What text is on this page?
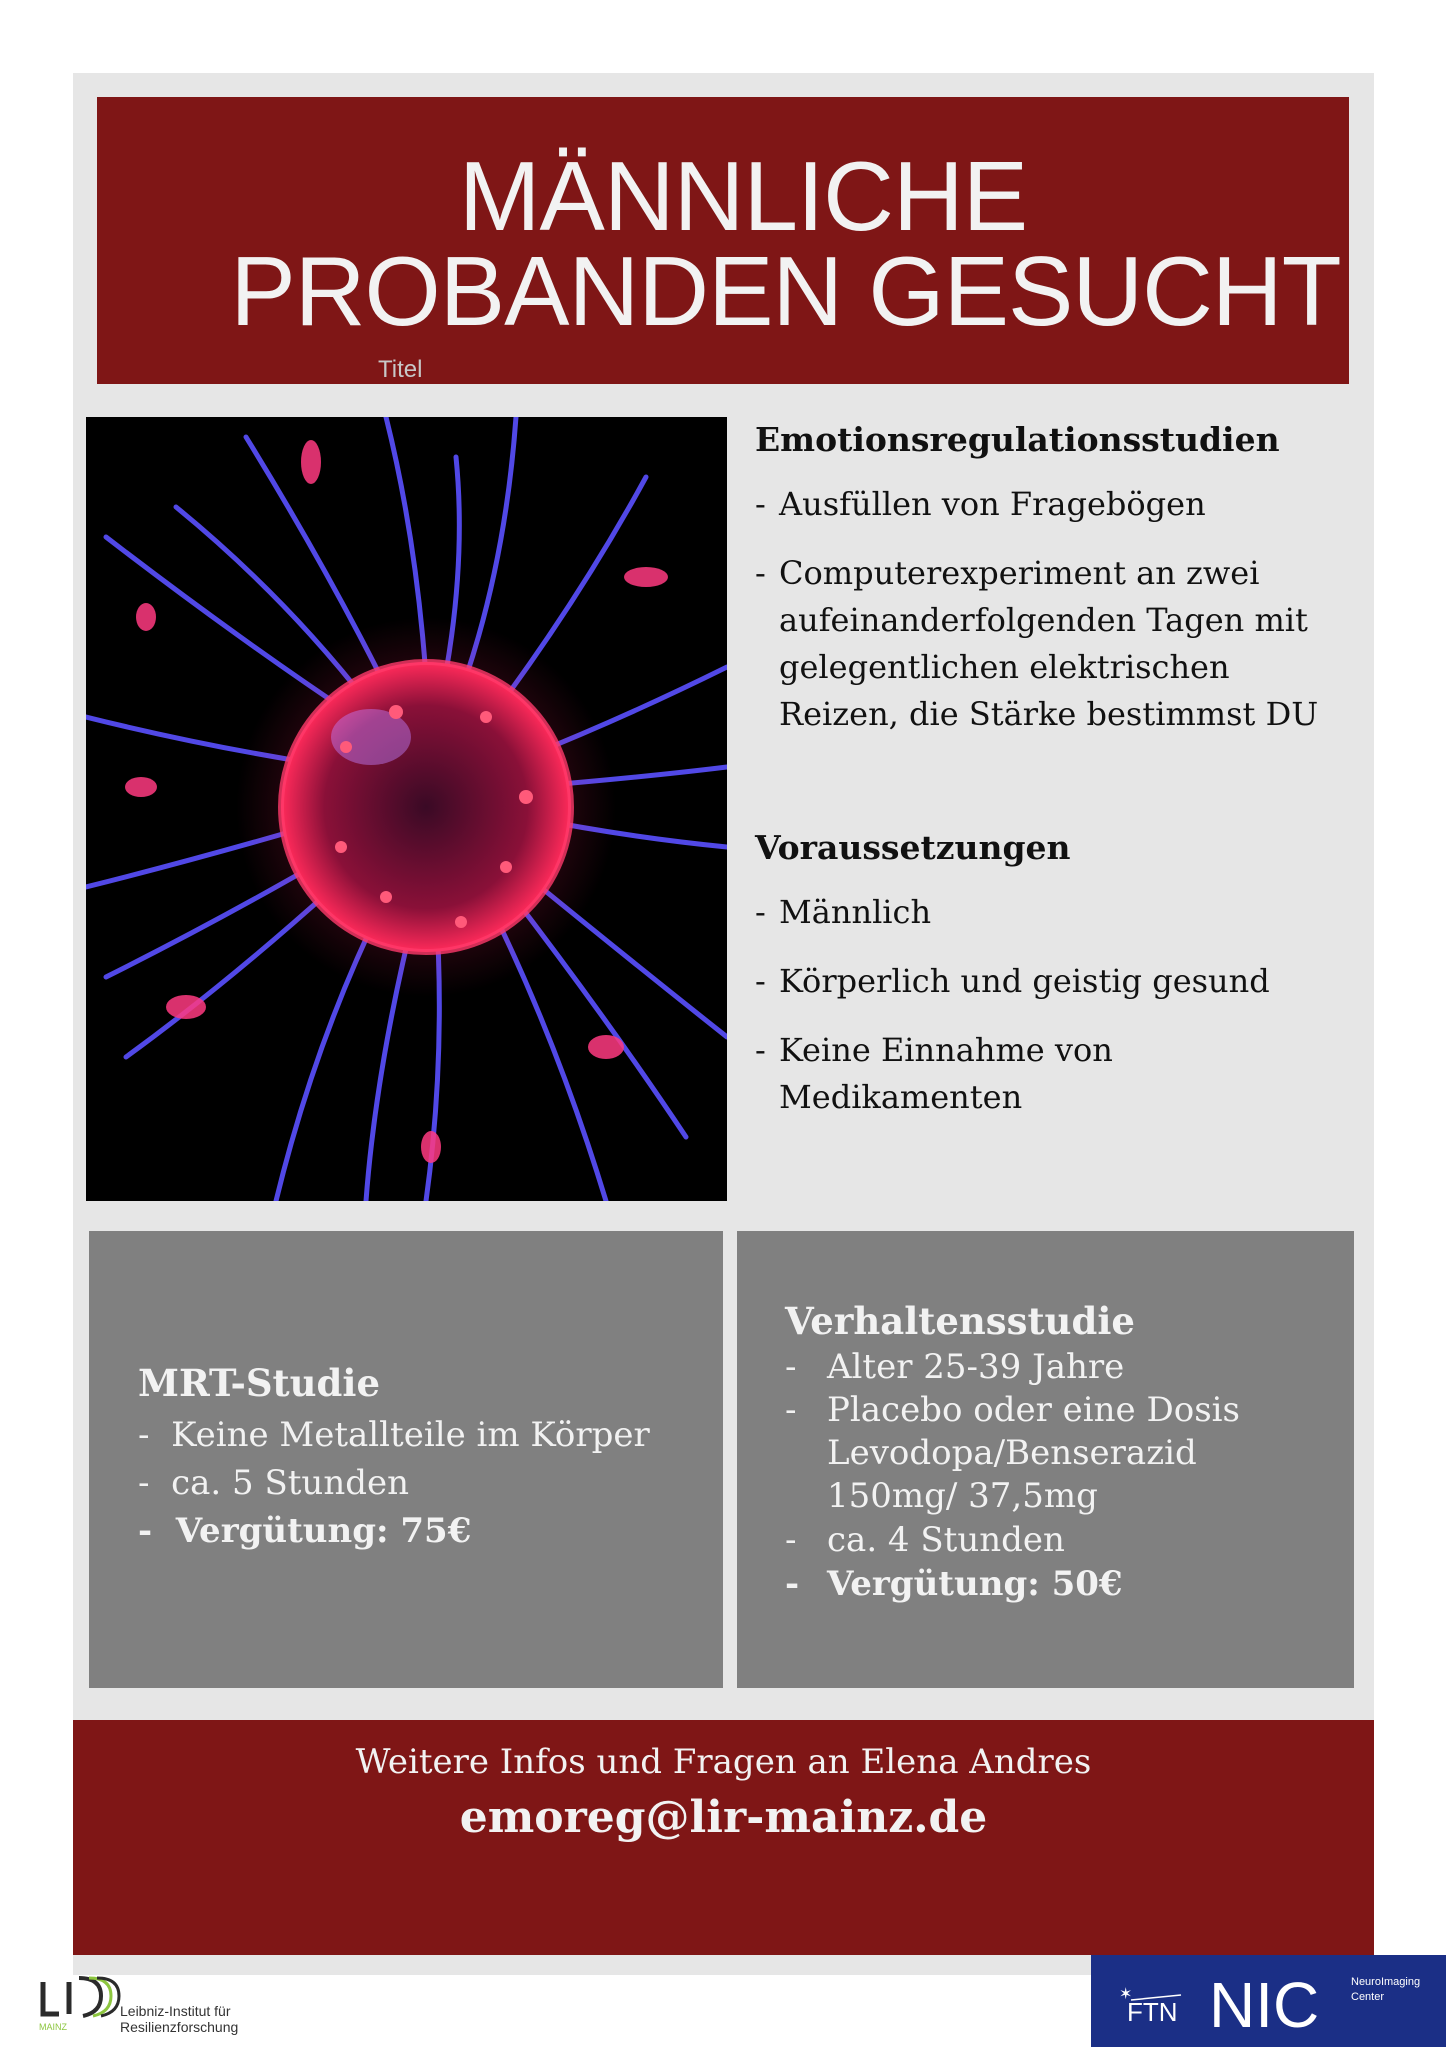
MÄNNLICHE
PROBANDEN GESUCHT
Titel
Emotionsregulationsstudien
- Ausfüllen von Fragebögen
- Computerexperiment an zwei aufeinanderfolgenden Tagen mit gelegentlichen elektrischen Reizen, die Stärke bestimmst DU
Voraussetzungen
- Männlich
- Körperlich und geistig gesund
- Keine Einnahme von Medikamenten
MRT-Studie
-  Keine Metallteile im Körper
-  ca. 5 Stunden
-  Vergütung: 75€
Verhaltensstudie
- Alter 25-39 Jahre
- Placebo oder eine Dosis Levodopa/Benserazid 150mg/ 37,5mg
- ca. 4 Stunden
- Vergütung: 50€
Weitere Infos und Fragen an Elena Andres
emoreg@lir-mainz.de
MAINZ
Leibniz-Institut für
Resilienzforschung	FTN
✶ NIC	NeuroImaging
Center
